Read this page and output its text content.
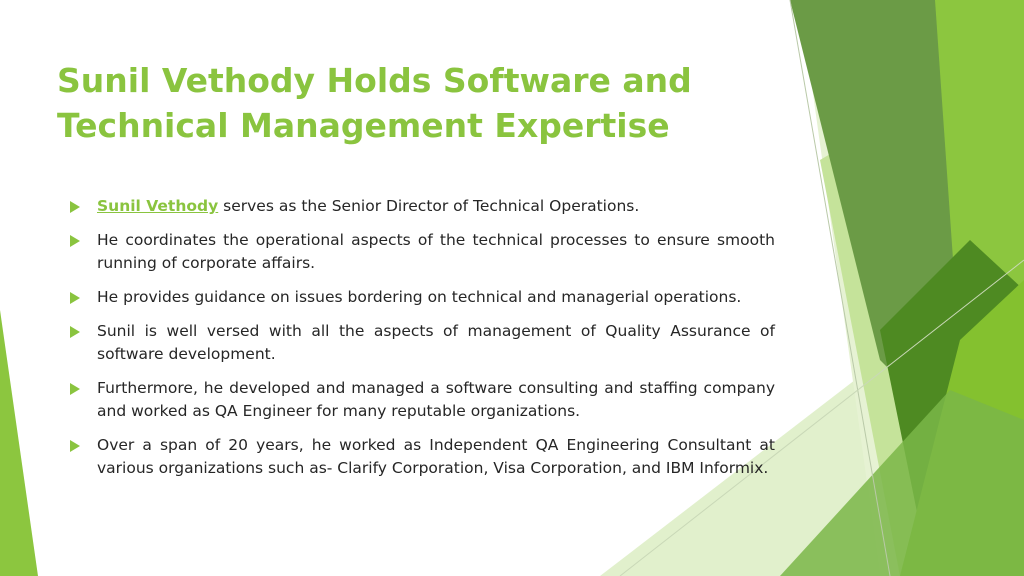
Sunil Vethody Holds Software and
Technical Management Expertise
Sunil Vethody serves as the Senior Director of Technical Operations.
He coordinates the operational aspects of the technical processes to ensure smooth running of corporate affairs.
He provides guidance on issues bordering on technical and managerial operations.
Sunil is well versed with all the aspects of management of Quality Assurance of software development.
Furthermore, he developed and managed a software consulting and staffing company and worked as QA Engineer for many reputable organizations.
Over a span of 20 years, he worked as Independent QA Engineering Consultant at various organizations such as- Clarify Corporation, Visa Corporation, and IBM Informix.
